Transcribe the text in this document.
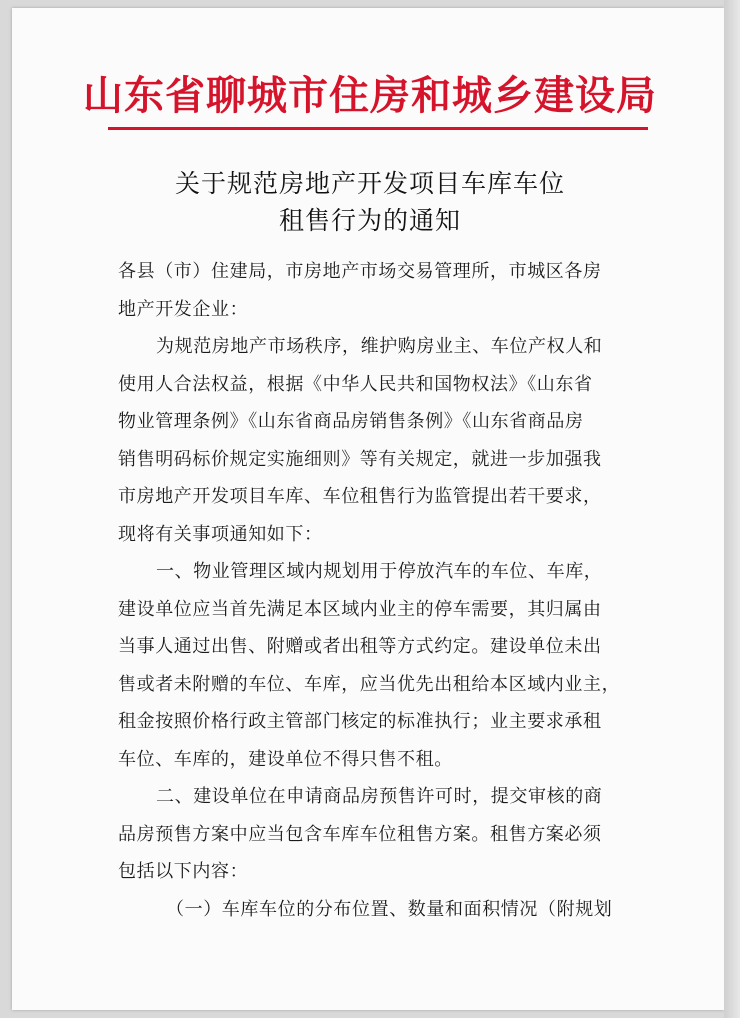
山东省聊城市住房和城乡建设局
关于规范房地产开发项目车库车位
租售行为的通知
各县（市）住建局，市房地产市场交易管理所，市城区各房
地产开发企业：
为规范房地产市场秩序，维护购房业主、车位产权人和
使用人合法权益，根据《中华人民共和国物权法》《山东省
物业管理条例》《山东省商品房销售条例》《山东省商品房
销售明码标价规定实施细则》等有关规定，就进一步加强我
市房地产开发项目车库、车位租售行为监管提出若干要求，
现将有关事项通知如下：
一、物业管理区域内规划用于停放汽车的车位、车库，
建设单位应当首先满足本区域内业主的停车需要，其归属由
当事人通过出售、附赠或者出租等方式约定。建设单位未出
售或者未附赠的车位、车库，应当优先出租给本区域内业主，
租金按照价格行政主管部门核定的标准执行；业主要求承租
车位、车库的，建设单位不得只售不租。
二、建设单位在申请商品房预售许可时，提交审核的商
品房预售方案中应当包含车库车位租售方案。租售方案必须
包括以下内容：
（一）车库车位的分布位置、数量和面积情况（附规划
